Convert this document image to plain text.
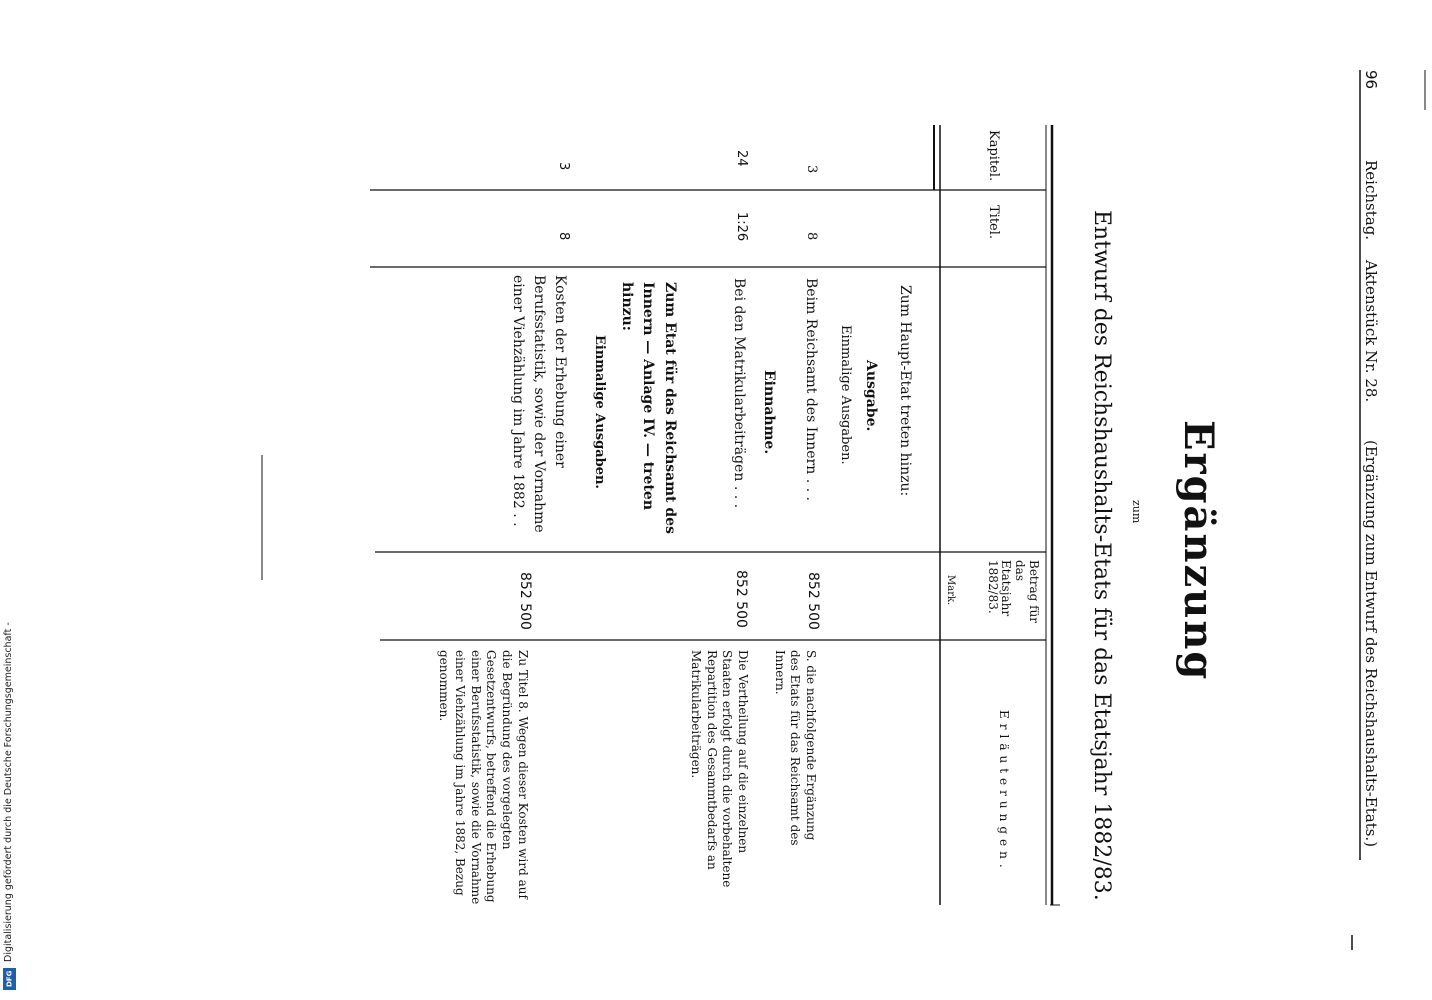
96
Reichstag.
Aktenstück Nr. 28.
(Ergänzung zum Entwurf des Reichshaushalts-Etats.)
Ergänzung
zum
Entwurf des Reichshaushalts-Etats für das Etatsjahr 1882/83.
Kapitel.
Titel.
Betrag für das Etatsjahr 1882/83.
Mark.
Erläuterungen.
Zum Haupt-Etat treten hinzu:
Ausgabe.
Einmalige Ausgaben.
3
8
Beim Reichsamt des Innern . . .
852 500
S. die nachfolgende Ergänzung des Etats für das Reichsamt des Innern.
Einnahme.
24
1:26
Bei den Matrikularbeiträgen . . .
852 500
Die Vertheilung auf die einzelnen Staaten erfolgt durch die vorbehaltene Repartition des Gesammtbedarfs an Matrikularbeiträgen.
Zum Etat für das Reichsamt des Innern — Anlage IV. — treten hinzu:
Einmalige Ausgaben.
3
8
Kosten der Erhebung einer Berufsstatistik, sowie der Vornahme einer Viehzählung im Jahre 1882 . .
852 500
Zu Titel 8. Wegen dieser Kosten wird auf die Begründung des vorgelegten Gesetzentwurfs, betreffend die Erhebung einer Berufsstatistik, sowie die Vornahme einer Viehzählung im Jahre 1882, Bezug genommen.
Digitalisierung gefördert durch die Deutsche Forschungsgemeinschaft -
DFG
